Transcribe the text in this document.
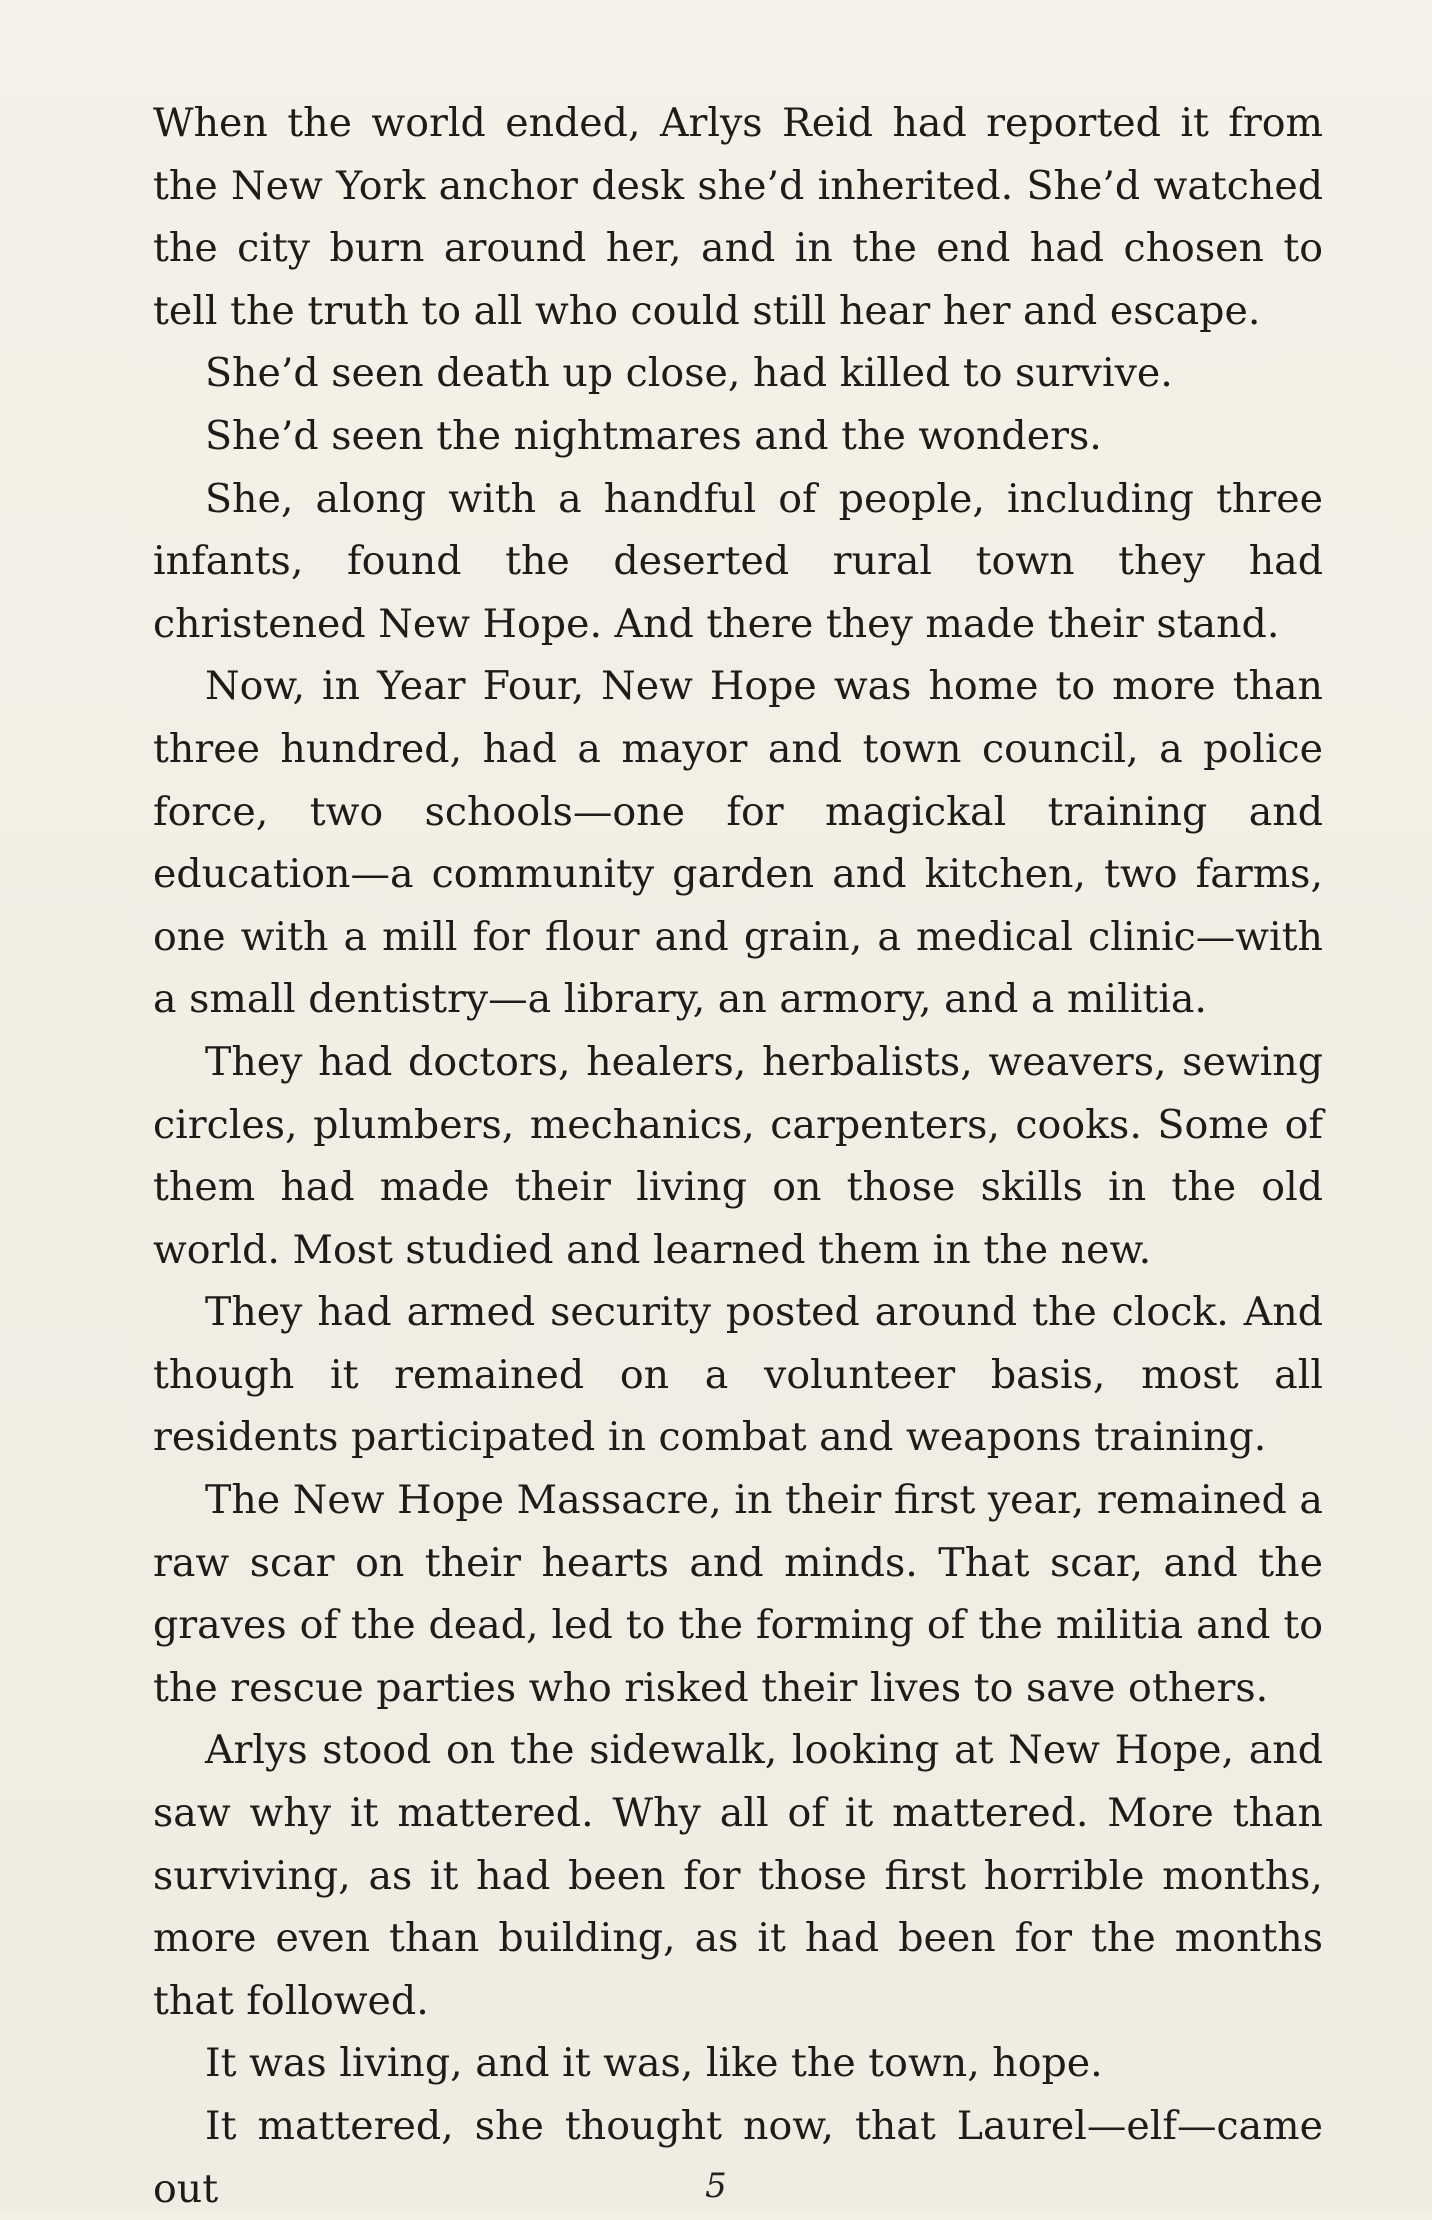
When the world ended, Arlys Reid had reported it from the New York anchor desk she’d inherited. She’d watched the city burn around her, and in the end had chosen to tell the truth to all who could still hear her and escape.

She’d seen death up close, had killed to survive.

She’d seen the nightmares and the wonders.

She, along with a handful of people, including three infants, found the deserted rural town they had christened New Hope. And there they made their stand.

Now, in Year Four, New Hope was home to more than three hundred, had a mayor and town council, a police force, two schools—one for magickal training and education—a community garden and kitchen, two farms, one with a mill for flour and grain, a medical clinic—with a small dentistry—a library, an armory, and a militia.

They had doctors, healers, herbalists, weavers, sewing circles, plumbers, mechanics, carpenters, cooks. Some of them had made their living on those skills in the old world. Most studied and learned them in the new.

They had armed security posted around the clock. And though it remained on a volunteer basis, most all residents participated in combat and weapons training.

The New Hope Massacre, in their first year, remained a raw scar on their hearts and minds. That scar, and the graves of the dead, led to the forming of the militia and to the rescue parties who risked their lives to save others.

Arlys stood on the sidewalk, looking at New Hope, and saw why it mattered. Why all of it mattered. More than surviving, as it had been for those first horrible months, more even than building, as it had been for the months that followed.

It was living, and it was, like the town, hope.

It mattered, she thought now, that Laurel—elf—came out	5
